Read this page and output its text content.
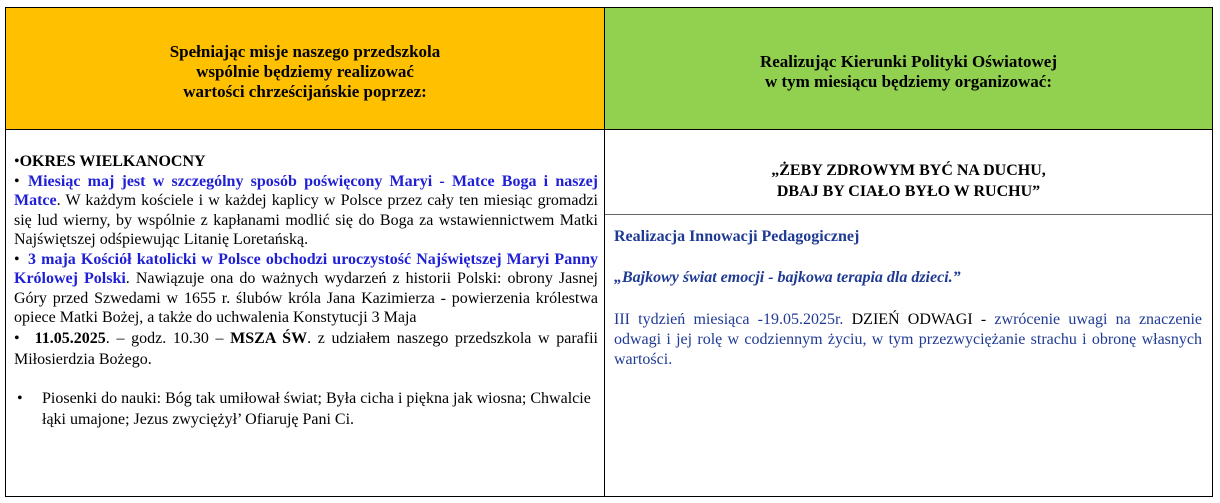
Spełniając misje naszego przedszkola
wspólnie będziemy realizować
wartości chrześcijańskie poprzez:
Realizując Kierunki Polityki Oświatowej
w tym miesiącu będziemy organizować:
•OKRES WIELKANOCNY
• Miesiąc maj jest w szczególny sposób poświęcony Maryi - Matce Boga i naszej Matce. W każdym kościele i w każdej kaplicy w Polsce przez cały ten miesiąc gromadzi się lud wierny, by wspólnie z kapłanami modlić się do Boga za wstawiennictwem Matki Najświętszej odśpiewując Litanię Loretańską.
• 3 maja Kościół katolicki w Polsce obchodzi uroczystość Najświętszej Maryi Panny Królowej Polski. Nawiązuje ona do ważnych wydarzeń z historii Polski: obrony Jasnej Góry przed Szwedami w 1655 r. ślubów króla Jana Kazimierza - powierzenia królestwa opiece Matki Bożej, a także do uchwalenia Konstytucji 3 Maja
• 11.05.2025. – godz. 10.30 – MSZA ŚW. z udziałem naszego przedszkola w parafii Miłosierdzia Bożego.
• Piosenki do nauki: Bóg tak umiłował świat; Była cicha i piękna jak wiosna; Chwalcie łąki umajone; Jezus zwyciężył’ Ofiaruję Pani Ci.
„ŻEBY ZDROWYM BYĆ NA DUCHU,
DBAJ BY CIAŁO BYŁO W RUCHU”
Realizacja Innowacji Pedagogicznej
„Bajkowy świat emocji - bajkowa terapia dla dzieci.”
III tydzień miesiąca -19.05.2025r. DZIEŃ ODWAGI - zwrócenie uwagi na znaczenie odwagi i jej rolę w codziennym życiu, w tym przezwyciężanie strachu i obronę własnych wartości.
